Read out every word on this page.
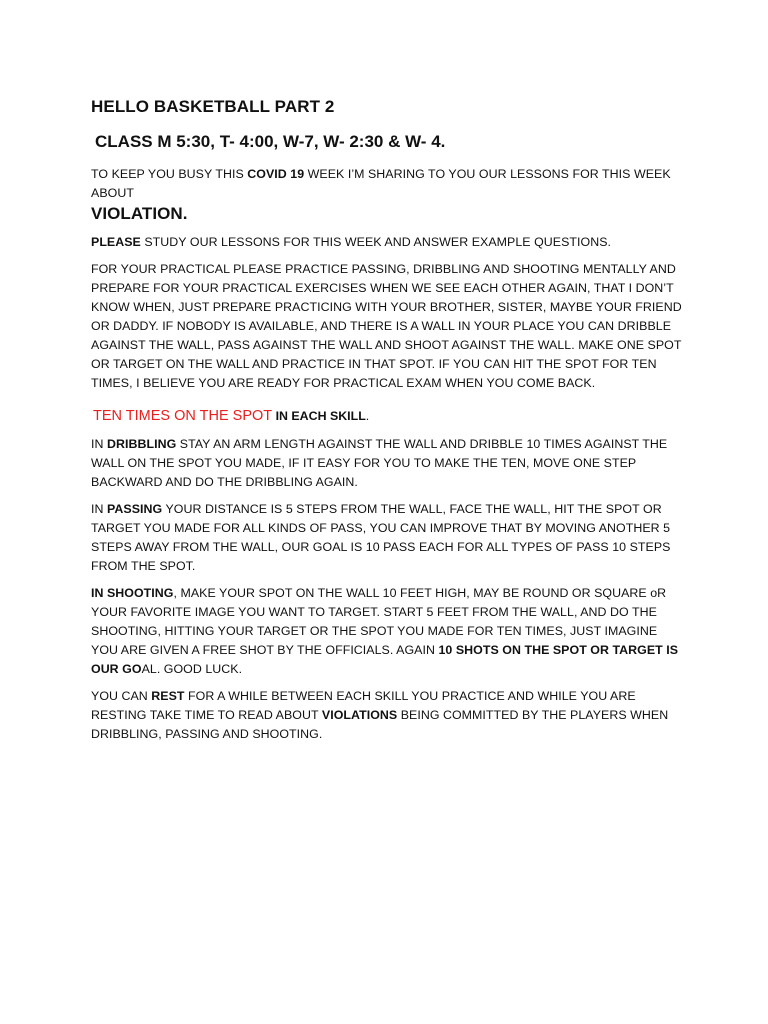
HELLO BASKETBALL PART 2
CLASS M 5:30, T- 4:00, W-7, W- 2:30 & W- 4.

TO KEEP YOU BUSY THIS COVID 19 WEEK I’M SHARING TO YOU OUR LESSONS FOR THIS WEEK ABOUT
VIOLATION.

PLEASE STUDY OUR LESSONS FOR THIS WEEK AND ANSWER EXAMPLE QUESTIONS.

FOR YOUR PRACTICAL PLEASE PRACTICE PASSING, DRIBBLING AND SHOOTING MENTALLY AND PREPARE FOR YOUR PRACTICAL EXERCISES WHEN WE SEE EACH OTHER AGAIN, THAT I DON’T KNOW WHEN, JUST PREPARE PRACTICING WITH YOUR BROTHER, SISTER, MAYBE YOUR FRIEND OR DADDY. IF NOBODY IS AVAILABLE, AND THERE IS A WALL IN YOUR PLACE YOU CAN DRIBBLE AGAINST THE WALL, PASS AGAINST THE WALL AND SHOOT AGAINST THE WALL. MAKE ONE SPOT OR TARGET ON THE WALL AND PRACTICE IN THAT SPOT. IF YOU CAN HIT THE SPOT FOR TEN TIMES, I BELIEVE YOU ARE READY FOR PRACTICAL EXAM WHEN YOU COME BACK.

TEN TIMES ON THE SPOT IN EACH SKILL.

IN DRIBBLING STAY AN ARM LENGTH AGAINST THE WALL AND DRIBBLE 10 TIMES AGAINST THE WALL ON THE SPOT YOU MADE, IF IT EASY FOR YOU TO MAKE THE TEN, MOVE ONE STEP BACKWARD AND DO THE DRIBBLING AGAIN.

IN PASSING YOUR DISTANCE IS 5 STEPS FROM THE WALL, FACE THE WALL, HIT THE SPOT OR TARGET YOU MADE FOR ALL KINDS OF PASS, YOU CAN IMPROVE THAT BY MOVING ANOTHER 5 STEPS AWAY FROM THE WALL, OUR GOAL IS 10 PASS EACH FOR ALL TYPES OF PASS 10 STEPS FROM THE SPOT.

IN SHOOTING, MAKE YOUR SPOT ON THE WALL 10 FEET HIGH, MAY BE ROUND OR SQUARE oR YOUR FAVORITE IMAGE YOU WANT TO TARGET. START 5 FEET FROM THE WALL, AND DO THE SHOOTING, HITTING YOUR TARGET OR THE SPOT YOU MADE FOR TEN TIMES, JUST IMAGINE YOU ARE GIVEN A FREE SHOT BY THE OFFICIALS. AGAIN 10 SHOTS ON THE SPOT OR TARGET IS OUR GOAL. GOOD LUCK.

YOU CAN REST FOR A WHILE BETWEEN EACH SKILL YOU PRACTICE AND WHILE YOU ARE RESTING TAKE TIME TO READ ABOUT VIOLATIONS BEING COMMITTED BY THE PLAYERS WHEN DRIBBLING, PASSING AND SHOOTING.
